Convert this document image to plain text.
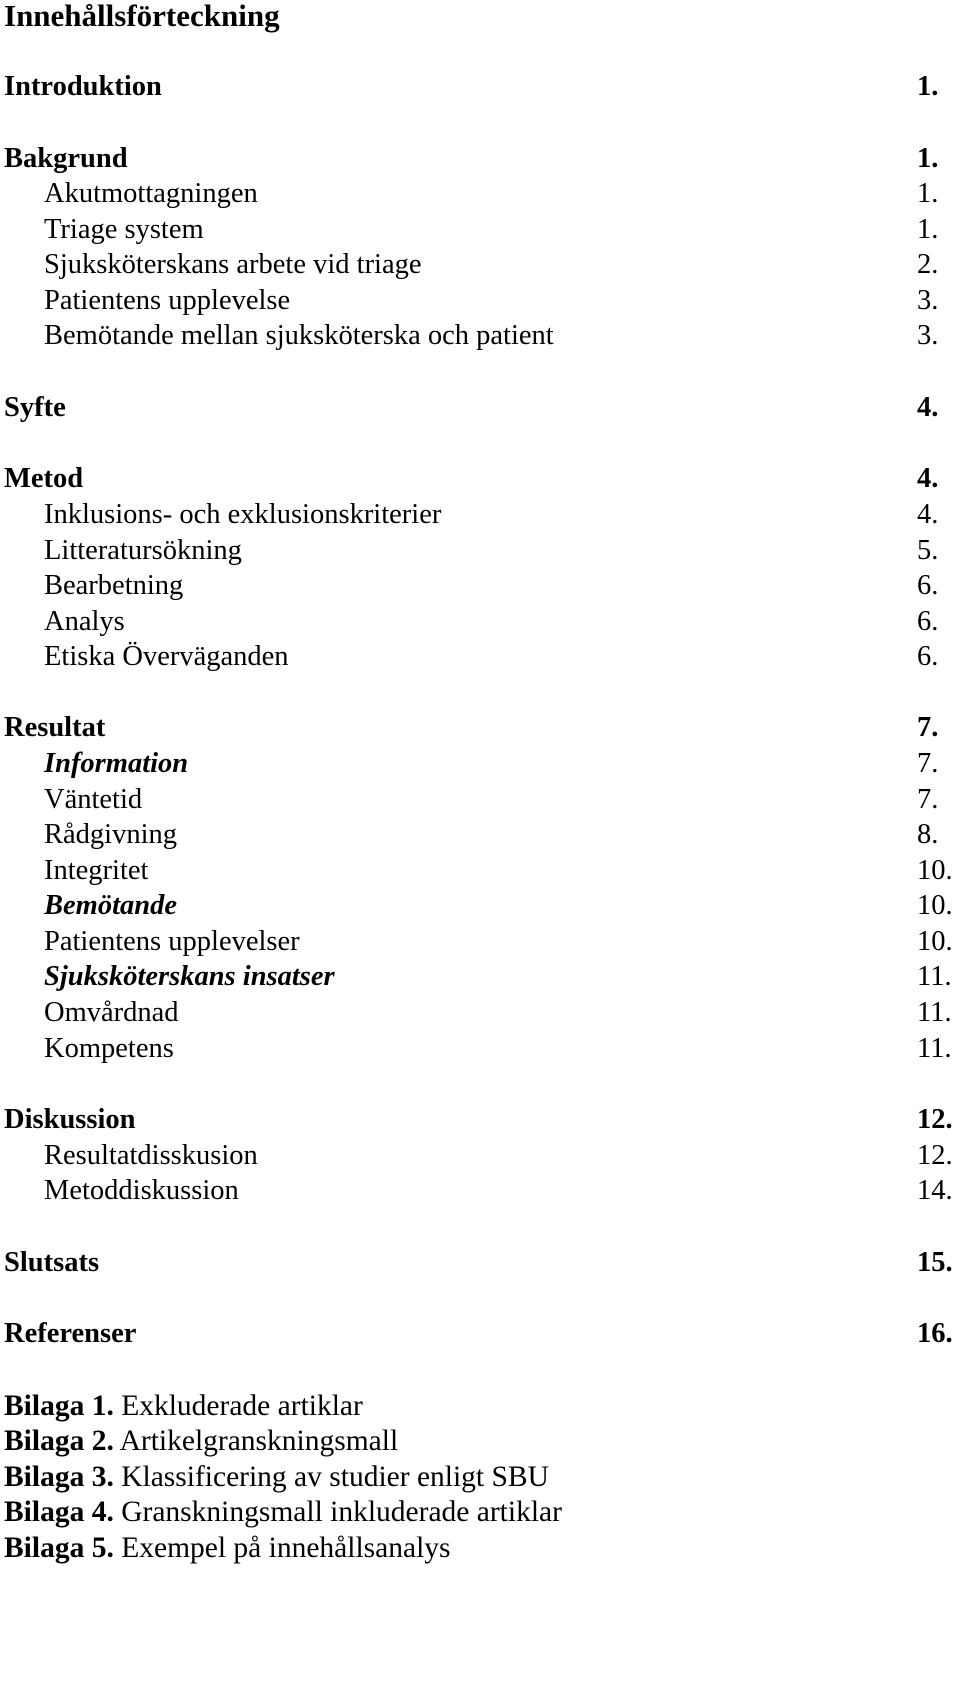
Innehållsförteckning
Introduktion	1.
Bakgrund	1.
Akutmottagningen	1.
Triage system	1.
Sjuksköterskans arbete vid triage	2.
Patientens upplevelse	3.
Bemötande mellan sjuksköterska och patient	3.
Syfte	4.
Metod	4.
Inklusions- och exklusionskriterier	4.
Litteratursökning	5.
Bearbetning	6.
Analys	6.
Etiska Överväganden	6.
Resultat	7.
Information	7.
Väntetid	7.
Rådgivning	8.
Integritet	10.
Bemötande	10.
Patientens upplevelser	10.
Sjuksköterskans insatser	11.
Omvårdnad	11.
Kompetens	11.
Diskussion	12.
Resultatdisskusion	12.
Metoddiskussion	14.
Slutsats	15.
Referenser	16.
Bilaga 1. Exkluderade artiklar
Bilaga 2. Artikelgranskningsmall
Bilaga 3. Klassificering av studier enligt SBU
Bilaga 4. Granskningsmall inkluderade artiklar
Bilaga 5. Exempel på innehållsanalys
